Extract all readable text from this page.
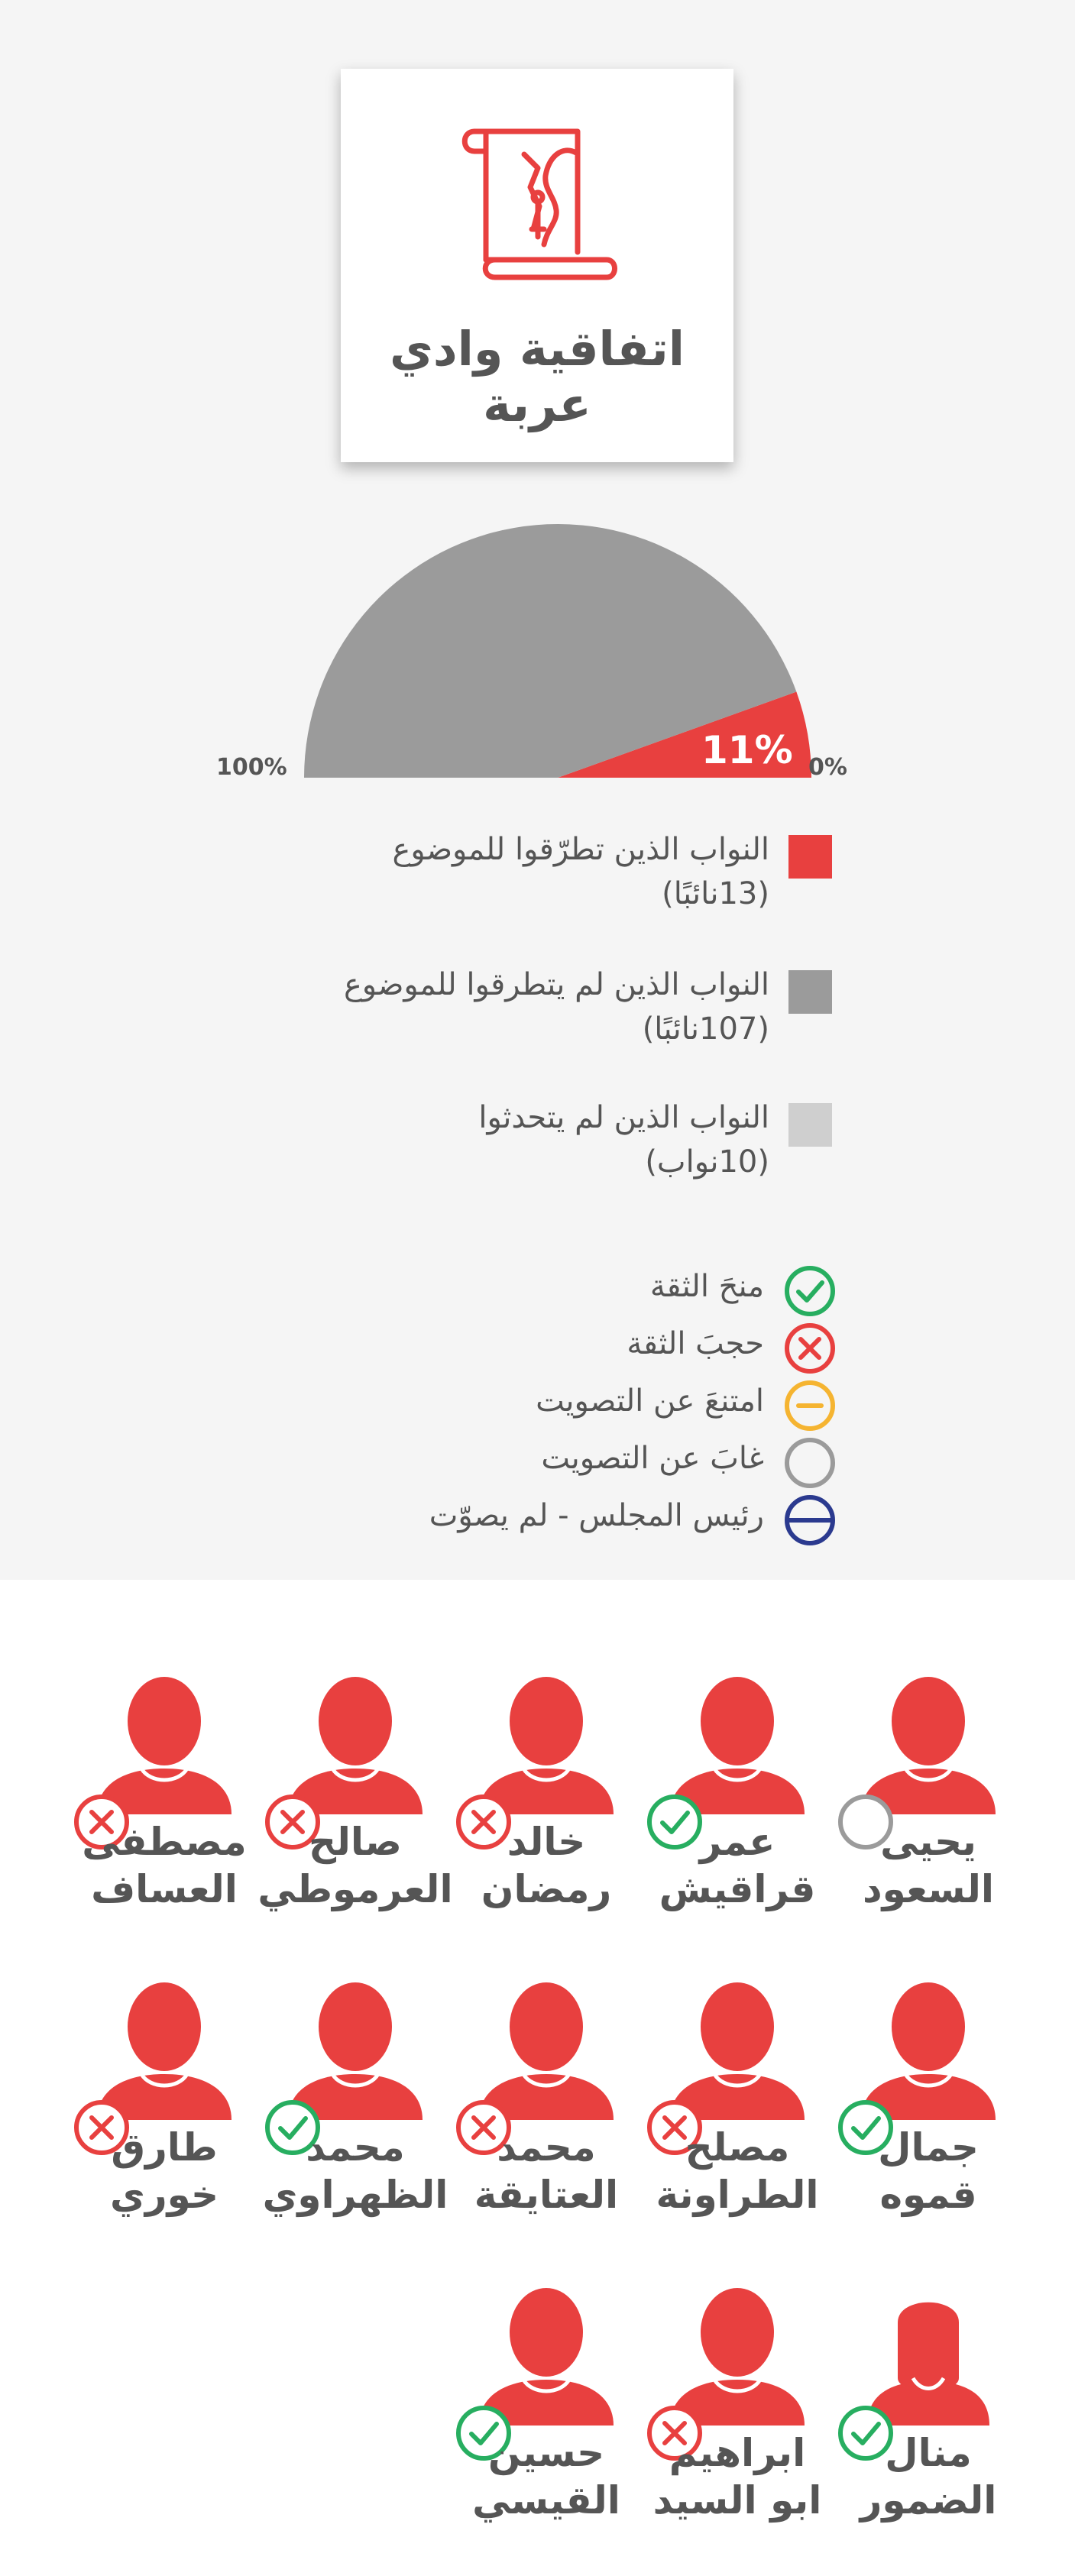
اتفاقية وادي عربة
0%
100%	11%
النواب الذين تطرّقوا للموضوع
(13نائبًا)
النواب الذين لم يتطرقوا للموضوع
(107نائبًا)
النواب الذين لم يتحدثوا
(10نواب)
منحَ الثقة
حجبَ الثقة
امتنعَ عن التصويت
غابَ عن التصويت
رئيس المجلس - لم يصوّت
يحيى
السعود
عمر
قراقيش
خالد
رمضان
صالح
العرموطي
مصطفى
العساف
جمال
قموه
مصلح
الطراونة
محمد
العتايقة
محمد
الظهراوي
طارق
خوري
منال
الضمور
ابراهيم
ابو السيد
حسين
القيسي
